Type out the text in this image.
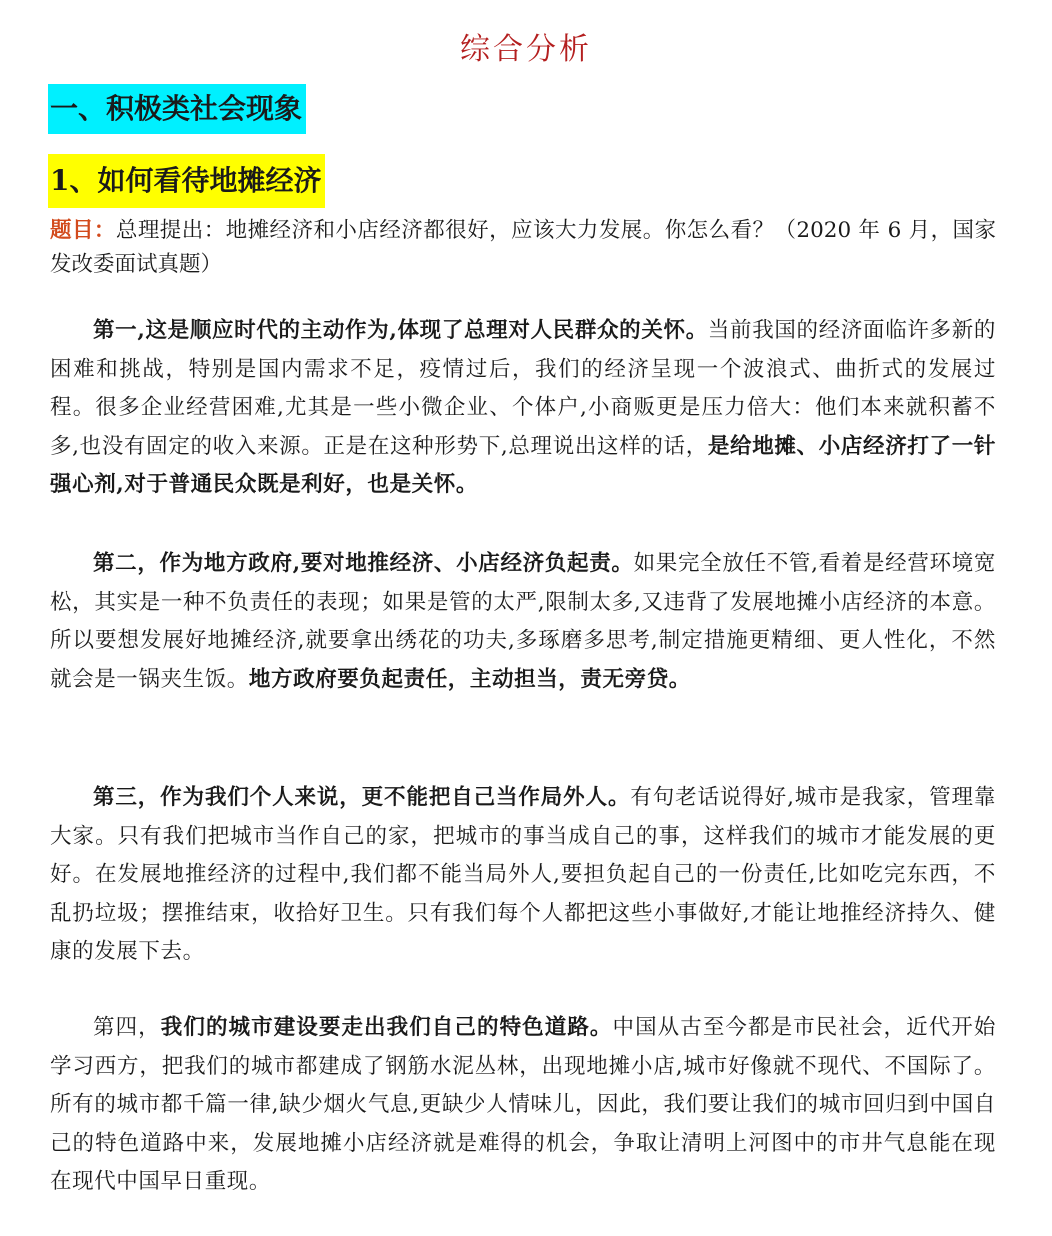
综合分析
一、积极类社会现象
1、如何看待地摊经济
题目：总理提出：地摊经济和小店经济都很好，应该大力发展。你怎么看？（2020 年 6 月，国家发改委面试真题）
第一,这是顺应时代的主动作为,体现了总理对人民群众的关怀。当前我国的经济面临许多新的困难和挑战，特别是国内需求不足，疫情过后，我们的经济呈现一个波浪式、曲折式的发展过程。很多企业经营困难,尤其是一些小微企业、个体户,小商贩更是压力倍大：他们本来就积蓄不多,也没有固定的收入来源。正是在这种形势下,总理说出这样的话，是给地摊、小店经济打了一针强心剂,对于普通民众既是利好，也是关怀。
第二，作为地方政府,要对地推经济、小店经济负起责。如果完全放任不管,看着是经营环境宽松，其实是一种不负责任的表现；如果是管的太严,限制太多,又违背了发展地摊小店经济的本意。所以要想发展好地摊经济,就要拿出绣花的功夫,多琢磨多思考,制定措施更精细、更人性化，不然就会是一锅夹生饭。地方政府要负起责任，主动担当，责无旁贷。
第三，作为我们个人来说，更不能把自己当作局外人。有句老话说得好,城市是我家，管理靠大家。只有我们把城市当作自己的家，把城市的事当成自己的事，这样我们的城市才能发展的更好。在发展地推经济的过程中,我们都不能当局外人,要担负起自己的一份责任,比如吃完东西，不乱扔垃圾；摆推结束，收拾好卫生。只有我们每个人都把这些小事做好,才能让地推经济持久、健康的发展下去。
第四，我们的城市建设要走出我们自己的特色道路。中国从古至今都是市民社会，近代开始学习西方，把我们的城市都建成了钢筋水泥丛林，出现地摊小店,城市好像就不现代、不国际了。所有的城市都千篇一律,缺少烟火气息,更缺少人情味儿，因此，我们要让我们的城市回归到中国自己的特色道路中来，发展地摊小店经济就是难得的机会，争取让清明上河图中的市井气息能在现在现代中国早日重现。
